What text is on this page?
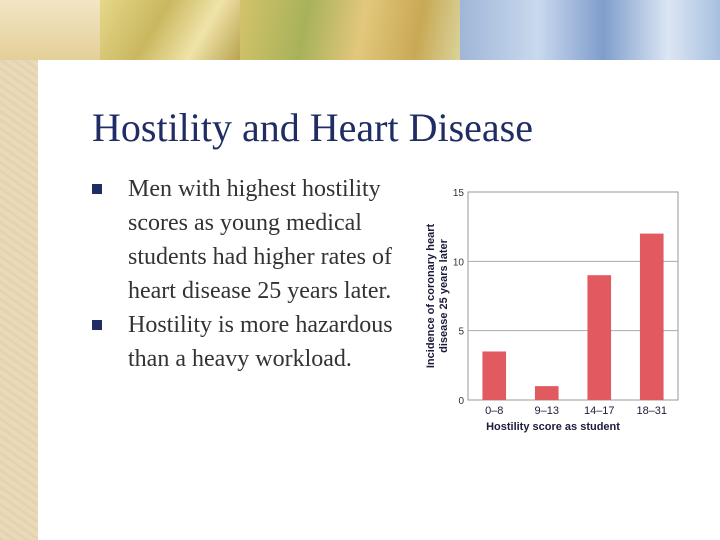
Hostility and Heart Disease
Men with highest hostility scores as young medical students had higher rates of heart disease 25 years later.
Hostility is more hazardous than a heavy workload.	Incidence of coronary heartdisease 25 years later
Hostility score as student
0
5
10
15
0–8	9–13 14–17 18–31
